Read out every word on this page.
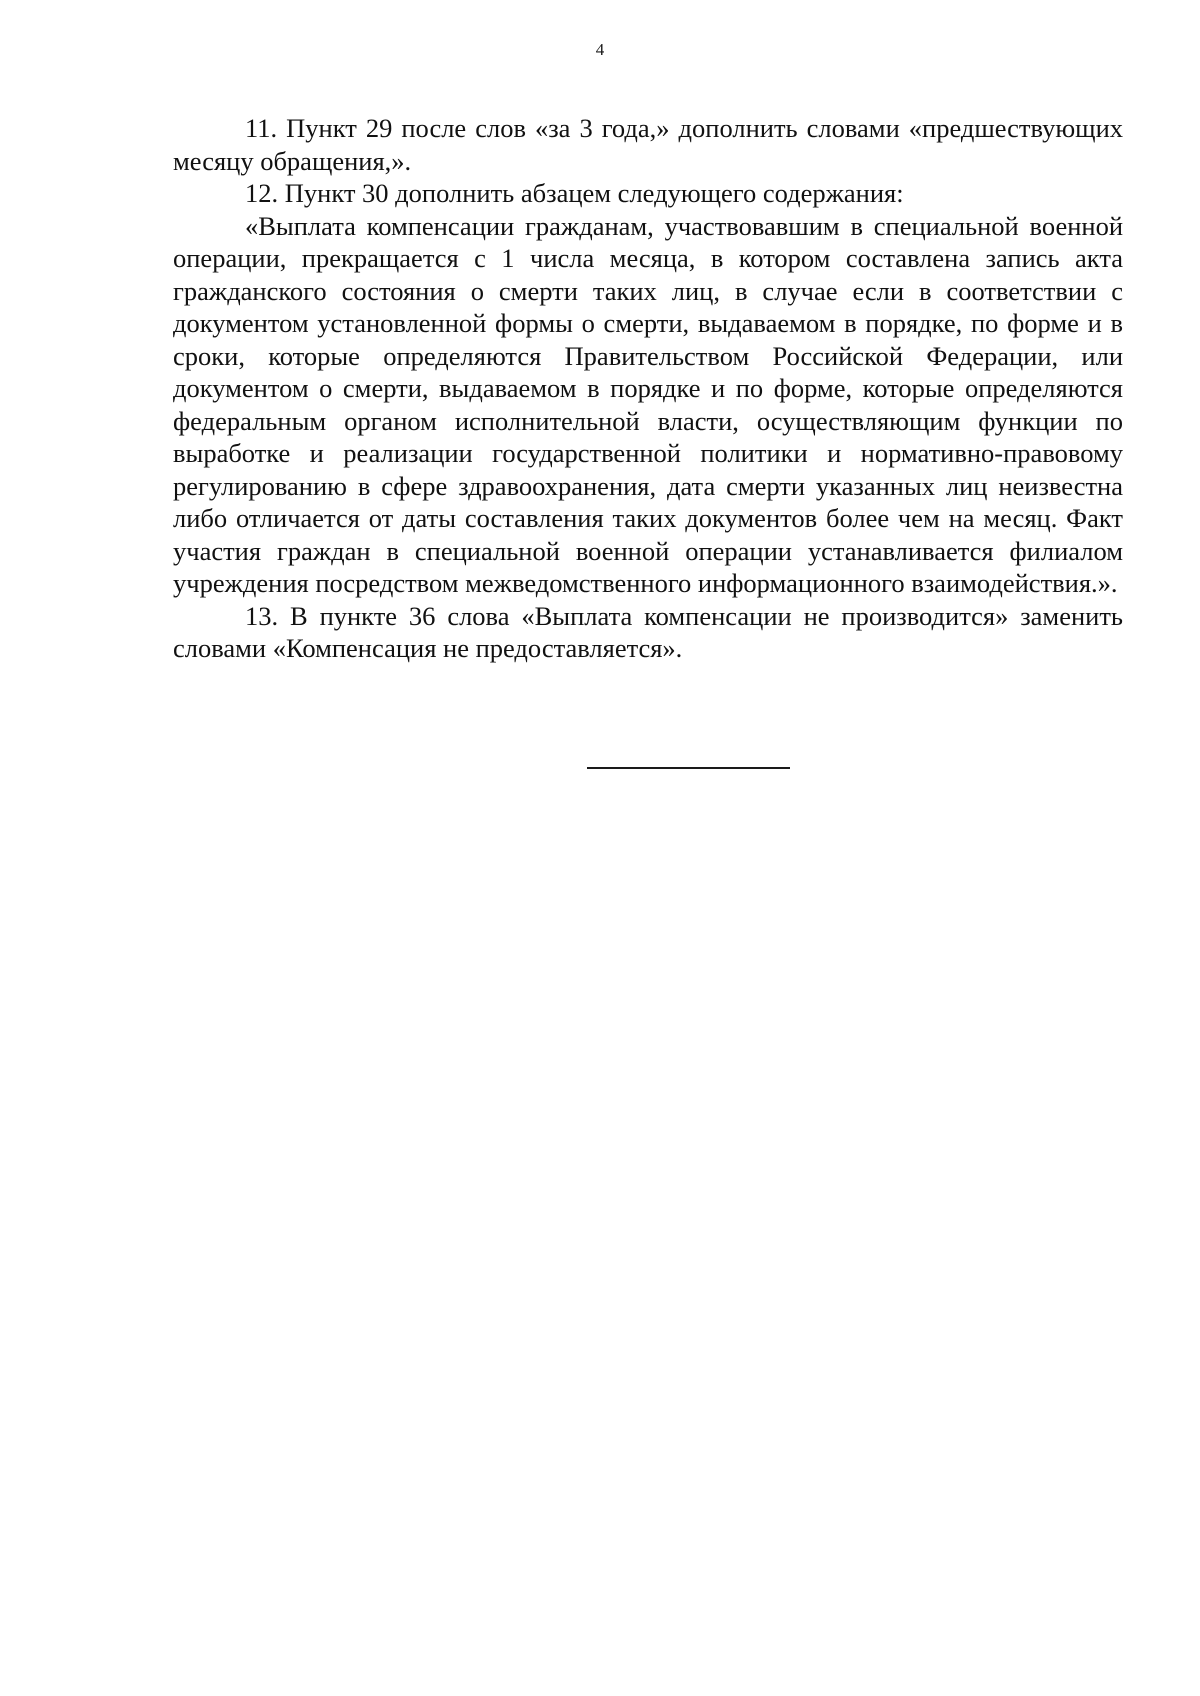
4

11. Пункт 29 после слов «за 3 года,» дополнить словами «предшествующих месяцу обращения,».

12. Пункт 30 дополнить абзацем следующего содержания:

«Выплата компенсации гражданам, участвовавшим в специальной военной операции, прекращается с 1 числа месяца, в котором составлена запись акта гражданского состояния о смерти таких лиц, в случае если в соответствии с документом установленной формы о смерти, выдаваемом в порядке, по форме и в сроки, которые определяются Правительством Российской Федерации, или документом о смерти, выдаваемом в порядке и по форме, которые определяются федеральным органом исполнительной власти, осуществляющим функции по выработке и реализации государственной политики и нормативно-правовому регулированию в сфере здравоохранения, дата смерти указанных лиц неизвестна либо отличается от даты составления таких документов более чем на месяц. Факт участия граждан в специальной военной операции устанавливается филиалом учреждения посредством межведомственного информационного взаимодействия.».

13. В пункте 36 слова «Выплата компенсации не производится» заменить словами «Компенсация не предоставляется».
